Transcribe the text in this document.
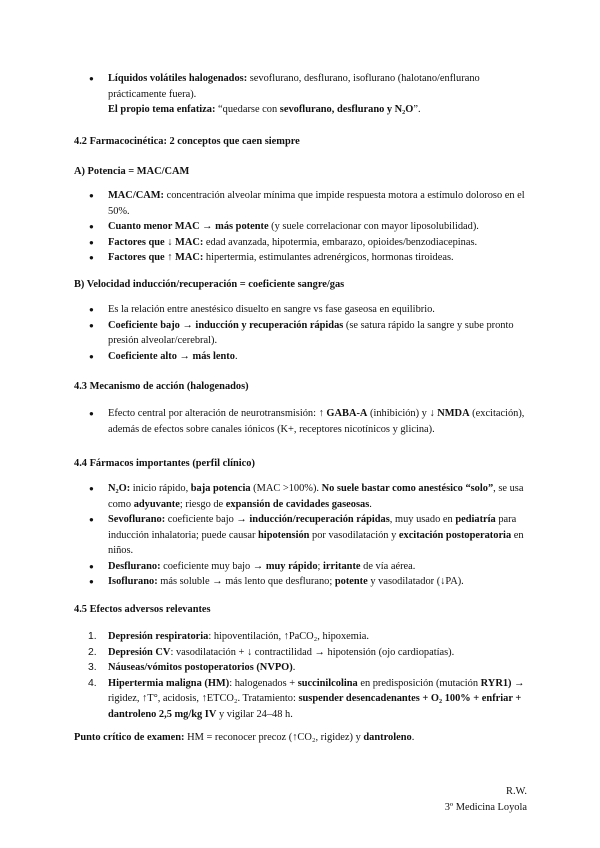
● Líquidos volátiles halogenados: sevoflurano, desflurano, isoflurano (halotano/enflurano prácticamente fuera).
El propio tema enfatiza: “quedarse con sevoflurano, desflurano y N₂O”.
4.2 Farmacocinética: 2 conceptos que caen siempre
A) Potencia = MAC/CAM
● MAC/CAM: concentración alveolar mínima que impide respuesta motora a estímulo doloroso en el 50%.
● Cuanto menor MAC → más potente (y suele correlacionar con mayor liposolubilidad).
● Factores que ↓ MAC: edad avanzada, hipotermia, embarazo, opioides/benzodiacepinas.
● Factores que ↑ MAC: hipertermia, estimulantes adrenérgicos, hormonas tiroideas.
B) Velocidad inducción/recuperación = coeficiente sangre/gas
● Es la relación entre anestésico disuelto en sangre vs fase gaseosa en equilibrio.
● Coeficiente bajo → inducción y recuperación rápidas (se satura rápido la sangre y sube pronto presión alveolar/cerebral).
● Coeficiente alto → más lento.
4.3 Mecanismo de acción (halogenados)
● Efecto central por alteración de neurotransmisión: ↑ GABA-A (inhibición) y ↓ NMDA (excitación), además de efectos sobre canales iónicos (K+, receptores nicotínicos y glicina).
4.4 Fármacos importantes (perfil clínico)
● N₂O: inicio rápido, baja potencia (MAC >100%). No suele bastar como anestésico “solo”, se usa como adyuvante; riesgo de expansión de cavidades gaseosas.
● Sevoflurano: coeficiente bajo → inducción/recuperación rápidas, muy usado en pediatría para inducción inhalatoria; puede causar hipotensión por vasodilatación y excitación postoperatoria en niños.
● Desflurano: coeficiente muy bajo → muy rápido; irritante de vía aérea.
● Isoflurano: más soluble → más lento que desflurano; potente y vasodilatador (↓PA).
4.5 Efectos adversos relevantes
1. Depresión respiratoria: hipoventilación, ↑PaCO₂, hipoxemia.
2. Depresión CV: vasodilatación + ↓ contractilidad → hipotensión (ojo cardiopatías).
3. Náuseas/vómitos postoperatorios (NVPO).
4. Hipertermia maligna (HM): halogenados + succinilcolina en predisposición (mutación RYR1) → rigidez, ↑T°, acidosis, ↑ETCO₂. Tratamiento: suspender desencadenantes + O₂ 100% + enfriar + dantroleno 2,5 mg/kg IV y vigilar 24–48 h.
Punto crítico de examen: HM = reconocer precoz (↑CO₂, rigidez) y dantroleno.
R.W.
3º Medicina Loyola
